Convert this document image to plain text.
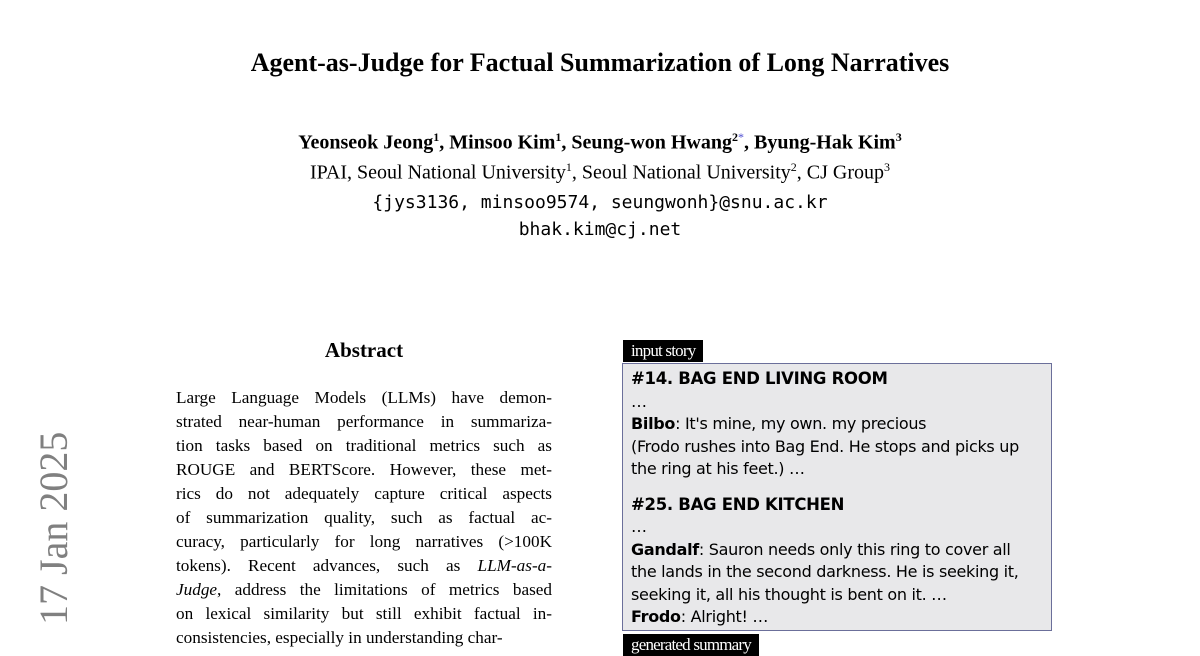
Agent-as-Judge for Factual Summarization of Long Narratives
Yeonseok Jeong$^1$, Minsoo Kim$^1$, Seung-won Hwang$^{2*}$, Byung-Hak Kim$^3$
IPAI, Seoul National University$^1$, Seoul National University$^2$, CJ Group$^3$
{jys3136, minsoo9574, seungwonh}@snu.ac.kr
bhak.kim@cj.net
17 Jan 2025
Abstract
Large Language Models (LLMs) have demon-
strated near-human performance in summariza-
tion tasks based on traditional metrics such as
ROUGE and BERTScore. However, these met-
rics do not adequately capture critical aspects
of summarization quality, such as factual ac-
curacy, particularly for long narratives (>100K
tokens). Recent advances, such as LLM-as-a-
Judge, address the limitations of metrics based
on lexical similarity but still exhibit factual in-
consistencies, especially in understanding char-
input story
#14. BAG END LIVING ROOM
…
Bilbo: It's mine, my own. my precious
(Frodo rushes into Bag End. He stops and picks up
the ring at his feet.) …
#25. BAG END KITCHEN
…
Gandalf: Sauron needs only this ring to cover all
the lands in the second darkness. He is seeking it,
seeking it, all his thought is bent on it. …
Frodo: Alright! …
generated summary
